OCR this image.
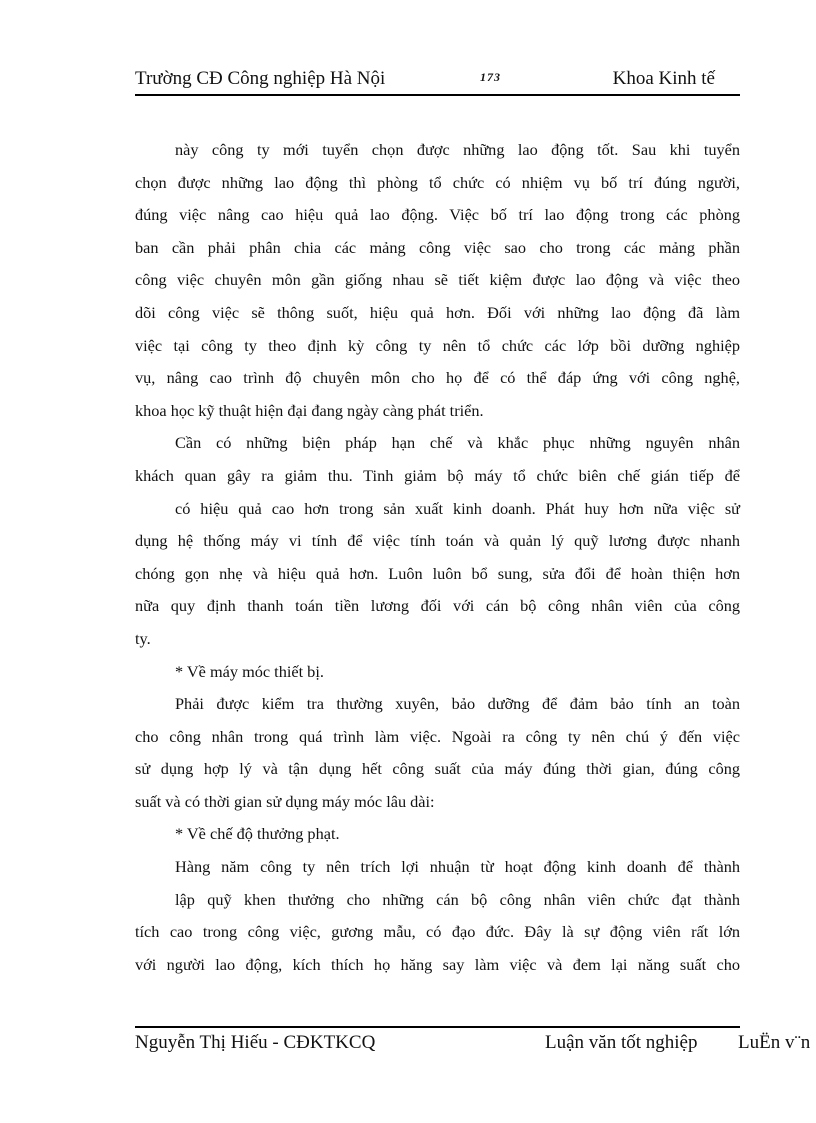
Trường CĐ Công nghiệp Hà Nội	173	Khoa Kinh tế
này công ty mới tuyển chọn được những lao động tốt. Sau khi tuyển
chọn được những lao động thì phòng tổ chức có nhiệm vụ bố trí đúng người,
đúng việc nâng cao hiệu quả lao động. Việc bố trí lao động trong các phòng
ban cần phải phân chia các mảng công việc sao cho trong các mảng phần
công việc chuyên môn gần giống nhau sẽ tiết kiệm được lao động và việc theo
dõi công việc sẽ thông suốt, hiệu quả hơn. Đối với những lao động đã làm
việc tại công ty theo định kỳ công ty nên tổ chức các lớp bồi dưỡng nghiệp
vụ, nâng cao trình độ chuyên môn cho họ để có thể đáp ứng với công nghệ,
khoa học kỹ thuật hiện đại đang ngày càng phát triển.
Cần có những biện pháp hạn chế và khắc phục những nguyên nhân
khách quan gây ra giảm thu. Tinh giảm bộ máy tổ chức biên chế gián tiếp để
có hiệu quả cao hơn trong sản xuất kinh doanh. Phát huy hơn nữa việc sử
dụng hệ thống máy vi tính để việc tính toán và quản lý quỹ lương được nhanh
chóng gọn nhẹ và hiệu quả hơn. Luôn luôn bổ sung, sửa đổi để hoàn thiện hơn
nữa quy định thanh toán tiền lương đối với cán bộ công nhân viên của công
ty.
* Về máy móc thiết bị.
Phải được kiểm tra thường xuyên, bảo dưỡng để đảm bảo tính an toàn
cho công nhân trong quá trình làm việc. Ngoài ra công ty nên chú ý đến việc
sử dụng hợp lý và tận dụng hết công suất của máy đúng thời gian, đúng công
suất và có thời gian sử dụng máy móc lâu dài:
* Về chế độ thưởng phạt.
Hàng năm công ty nên trích lợi nhuận từ hoạt động kinh doanh để thành
lập quỹ khen thưởng cho những cán bộ công nhân viên chức đạt thành
tích cao trong công việc, gương mẫu, có đạo đức. Đây là sự động viên rất lớn
với người lao động, kích thích họ hăng say làm việc và đem lại năng suất cho
Nguyễn Thị Hiếu - CĐKTKCQ	Luận văn tốt nghiệp LuËn v¨n
